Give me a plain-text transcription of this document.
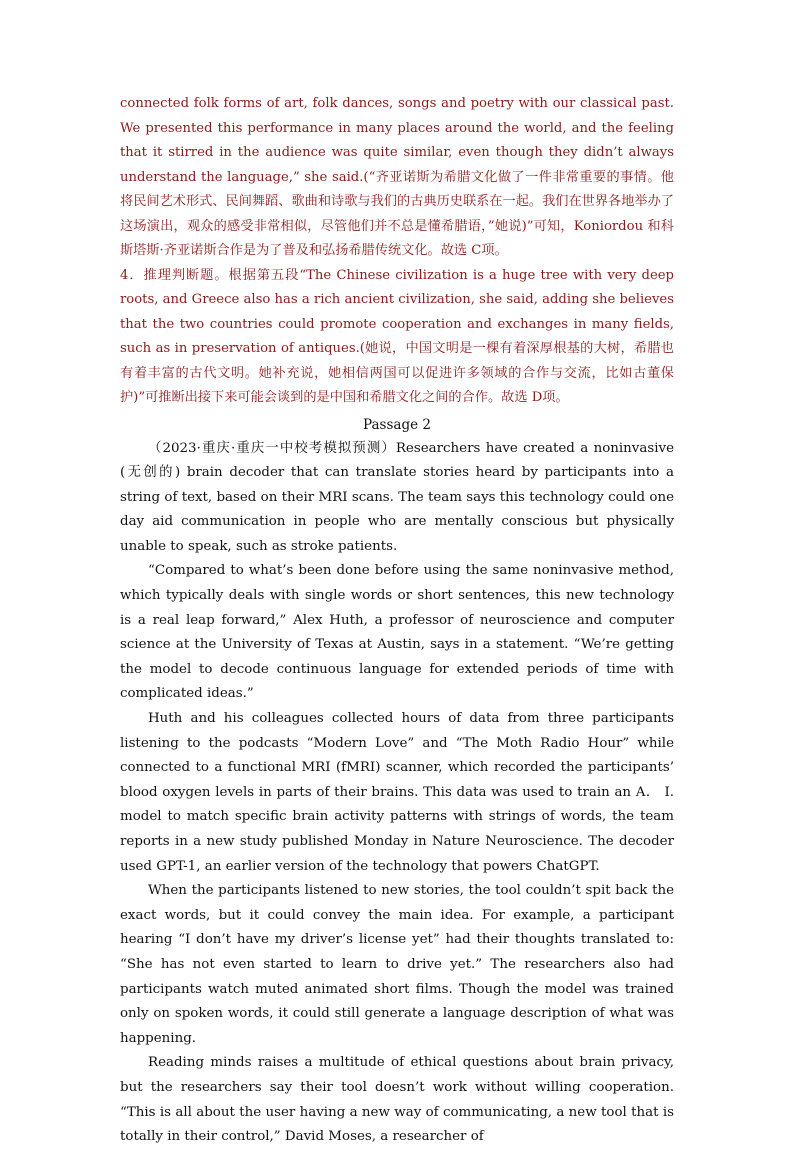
connected folk forms of art, folk dances, songs and poetry with our classical past. We presented this performance in many places around the world, and the feeling that it stirred in the audience was quite similar, even though they didn’t always understand the language,” she said.(“齐亚诺斯为希腊文化做了一件非常重要的事情。他将民间艺术形式、民间舞蹈、歌曲和诗歌与我们的古典历史联系在一起。我们在世界各地举办了这场演出，观众的感受非常相似，尽管他们并不总是懂希腊语，”她说)”可知，Koniordou 和科斯塔斯·齐亚诺斯合作是为了普及和弘扬希腊传统文化。故选 C项。

4．推理判断题。根据第五段“The Chinese civilization is a huge tree with very deep roots, and Greece also has a rich ancient civilization, she said, adding she believes that the two countries could promote cooperation and exchanges in many fields, such as in preservation of antiques.(她说，中国文明是一棵有着深厚根基的大树，希腊也有着丰富的古代文明。她补充说，她相信两国可以促进许多领域的合作与交流，比如古董保护)”可推断出接下来可能会谈到的是中国和希腊文化之间的合作。故选 D项。

Passage 2

（2023·重庆·重庆一中校考模拟预测）Researchers have created a noninvasive (无创的) brain decoder that can translate stories heard by participants into a string of text, based on their MRI scans. The team says this technology could one day aid communication in people who are mentally conscious but physically unable to speak, such as stroke patients.

“Compared to what’s been done before using the same noninvasive method, which typically deals with single words or short sentences, this new technology is a real leap forward,” Alex Huth, a professor of neuroscience and computer science at the University of Texas at Austin, says in a statement. “We’re getting the model to decode continuous language for extended periods of time with complicated ideas.”

Huth and his colleagues collected hours of data from three participants listening to the podcasts “Modern Love” and “The Moth Radio Hour” while connected to a functional MRI (fMRI) scanner, which recorded the participants’ blood oxygen levels in parts of their brains. This data was used to train an A． I. model to match specific brain activity patterns with strings of words, the team reports in a new study published Monday in Nature Neuroscience. The decoder used GPT-1, an earlier version of the technology that powers ChatGPT.

When the participants listened to new stories, the tool couldn’t spit back the exact words, but it could convey the main idea. For example, a participant hearing “I don’t have my driver’s license yet” had their thoughts translated to: “She has not even started to learn to drive yet.” The researchers also had participants watch muted animated short films. Though the model was trained only on spoken words, it could still generate a language description of what was happening.

Reading minds raises a multitude of ethical questions about brain privacy, but the researchers say their tool doesn’t work without willing cooperation. “This is all about the user having a new way of communicating, a new tool that is totally in their control,” David Moses, a researcher of
